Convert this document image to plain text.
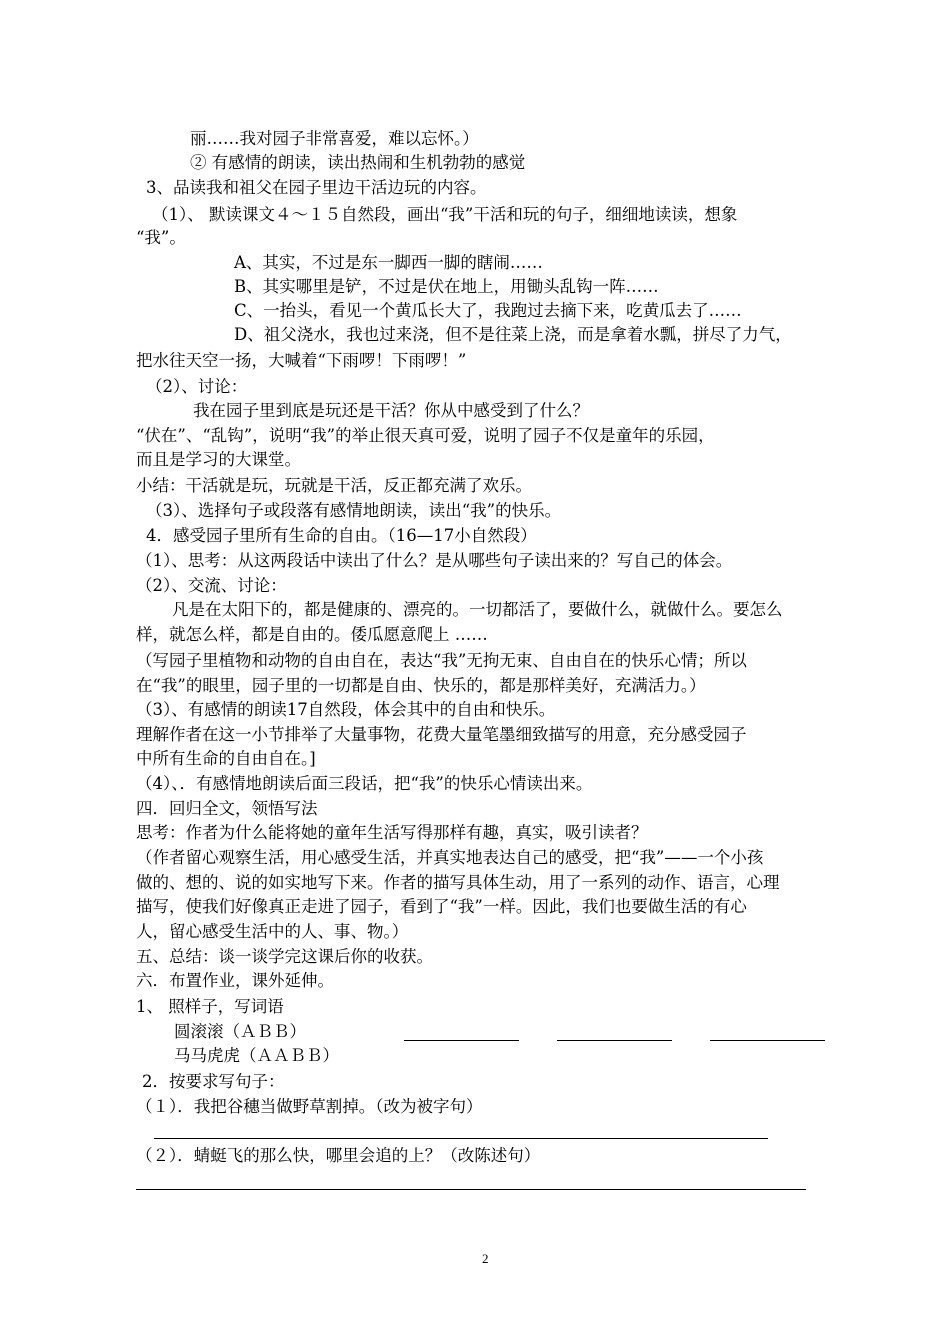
丽……我对园子非常喜爱，难以忘怀。）
② 有感情的朗读，读出热闹和生机勃勃的感觉
3、品读我和祖父在园子里边干活边玩的内容。
（1）、 默读课文４～１５自然段，画出“我”干活和玩的句子，细细地读读，想象
“我”。
A、其实，不过是东一脚西一脚的瞎闹……
B、其实哪里是铲，不过是伏在地上，用锄头乱钩一阵……
C、一抬头，看见一个黄瓜长大了，我跑过去摘下来，吃黄瓜去了……
D、祖父浇水，我也过来浇，但不是往菜上浇，而是拿着水瓢，拼尽了力气，
把水往天空一扬，大喊着“下雨啰！下雨啰！”
（2）、讨论：
我在园子里到底是玩还是干活？你从中感受到了什么？
“伏在”、“乱钩”，说明“我”的举止很天真可爱，说明了园子不仅是童年的乐园，
而且是学习的大课堂。
小结：干活就是玩，玩就是干活，反正都充满了欢乐。
（3）、选择句子或段落有感情地朗读，读出“我”的快乐。
4．感受园子里所有生命的自由。（16—17小自然段）
（1）、思考：从这两段话中读出了什么？是从哪些句子读出来的？写自己的体会。
（2）、交流、讨论：
凡是在太阳下的，都是健康的、漂亮的。一切都活了，要做什么，就做什么。要怎么
样，就怎么样，都是自由的。倭瓜愿意爬上 ……
（写园子里植物和动物的自由自在，表达“我”无拘无束、自由自在的快乐心情；所以
在“我”的眼里，园子里的一切都是自由、快乐的，都是那样美好，充满活力。）
（3）、有感情的朗读17自然段，体会其中的自由和快乐。
理解作者在这一小节排举了大量事物，花费大量笔墨细致描写的用意，充分感受园子
中所有生命的自由自在。]
（4）、．有感情地朗读后面三段话，把“我”的快乐心情读出来。
四．回归全文，领悟写法
思考：作者为什么能将她的童年生活写得那样有趣，真实，吸引读者？
（作者留心观察生活，用心感受生活，并真实地表达自己的感受，把“我”——一个小孩
做的、想的、说的如实地写下来。作者的描写具体生动，用了一系列的动作、语言，心理
描写，使我们好像真正走进了园子，看到了“我”一样。因此，我们也要做生活的有心
人，留心感受生活中的人、事、物。）
五、总结：谈一谈学完这课后你的收获。
六．布置作业，课外延伸。
1、 照样子，写词语
圆滚滚（ＡＢＢ）
马马虎虎（ＡＡＢＢ）
2．按要求写句子：
（１）．我把谷穗当做野草割掉。（改为被字句）
（２）．蜻蜓飞的那么快，哪里会追的上？（改陈述句）
2
